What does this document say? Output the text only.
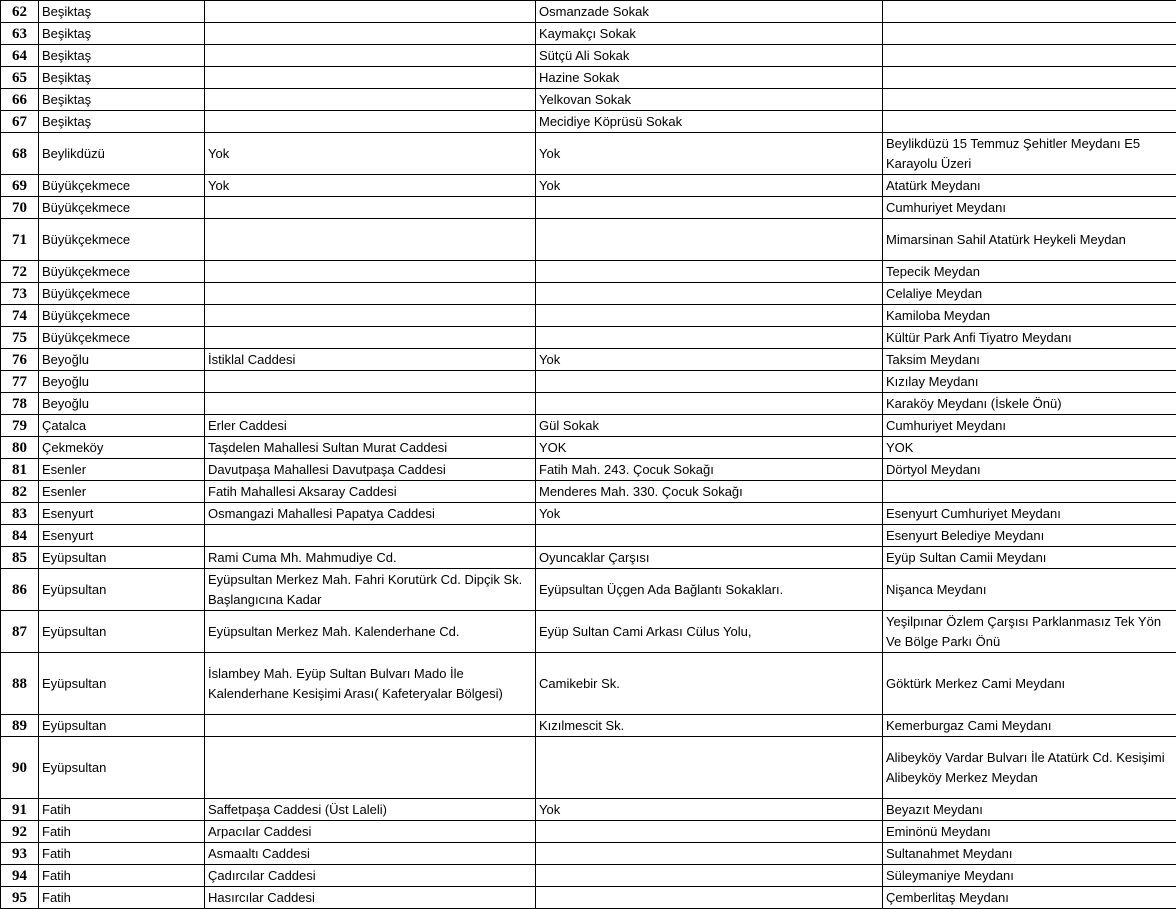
62	Beşiktaş		Osmanzade Sokak	
63	Beşiktaş		Kaymakçı Sokak	
64	Beşiktaş		Sütçü Ali Sokak	
65	Beşiktaş		Hazine Sokak	
66	Beşiktaş		Yelkovan Sokak	
67	Beşiktaş		Mecidiye Köprüsü Sokak	
68	Beylikdüzü	Yok	Yok	Beylikdüzü 15 Temmuz Şehitler Meydanı E5 Karayolu Üzeri
69	Büyükçekmece	Yok	Yok	Atatürk Meydanı
70	Büyükçekmece			Cumhuriyet Meydanı
71	Büyükçekmece			Mimarsinan Sahil Atatürk Heykeli Meydan
72	Büyükçekmece			Tepecik Meydan
73	Büyükçekmece			Celaliye Meydan
74	Büyükçekmece			Kamiloba Meydan
75	Büyükçekmece			Kültür Park Anfi Tiyatro Meydanı
76	Beyoğlu	İstiklal Caddesi	Yok	Taksim Meydanı
77	Beyoğlu			Kızılay Meydanı
78	Beyoğlu			Karaköy Meydanı (İskele Önü)
79	Çatalca	Erler Caddesi	Gül Sokak	Cumhuriyet Meydanı
80	Çekmeköy	Taşdelen Mahallesi Sultan Murat Caddesi	YOK	YOK
81	Esenler	Davutpaşa Mahallesi Davutpaşa Caddesi	Fatih Mah. 243. Çocuk Sokağı	Dörtyol Meydanı
82	Esenler	Fatih Mahallesi Aksaray Caddesi	Menderes Mah. 330. Çocuk Sokağı	
83	Esenyurt	Osmangazi Mahallesi Papatya Caddesi	Yok	Esenyurt Cumhuriyet Meydanı
84	Esenyurt			Esenyurt Belediye Meydanı
85	Eyüpsultan	Rami Cuma Mh. Mahmudiye Cd.	Oyuncaklar Çarşısı	Eyüp Sultan Camii Meydanı
86	Eyüpsultan	Eyüpsultan Merkez Mah. Fahri Korutürk Cd. Dipçik Sk. Başlangıcına Kadar	Eyüpsultan Üçgen Ada Bağlantı Sokakları.	Nişanca Meydanı
87	Eyüpsultan	Eyüpsultan Merkez Mah. Kalenderhane Cd.	Eyüp Sultan Cami Arkası Cülus Yolu,	Yeşilpınar Özlem Çarşısı Parklanmasız Tek Yön Ve Bölge Parkı Önü
88	Eyüpsultan	İslambey Mah. Eyüp Sultan Bulvarı Mado İle Kalenderhane Kesişimi Arası( Kafeteryalar Bölgesi)	Camikebir Sk.	Göktürk Merkez Cami Meydanı
89	Eyüpsultan		Kızılmescit Sk.	Kemerburgaz Cami Meydanı
90	Eyüpsultan			Alibeyköy Vardar Bulvarı İle Atatürk Cd. Kesişimi Alibeyköy Merkez Meydan
91	Fatih	Saffetpaşa Caddesi (Üst Laleli)	Yok	Beyazıt Meydanı
92	Fatih	Arpacılar Caddesi		Eminönü Meydanı
93	Fatih	Asmaaltı Caddesi		Sultanahmet Meydanı
94	Fatih	Çadırcılar Caddesi		Süleymaniye Meydanı
95	Fatih	Hasırcılar Caddesi		Çemberlitaş Meydanı
